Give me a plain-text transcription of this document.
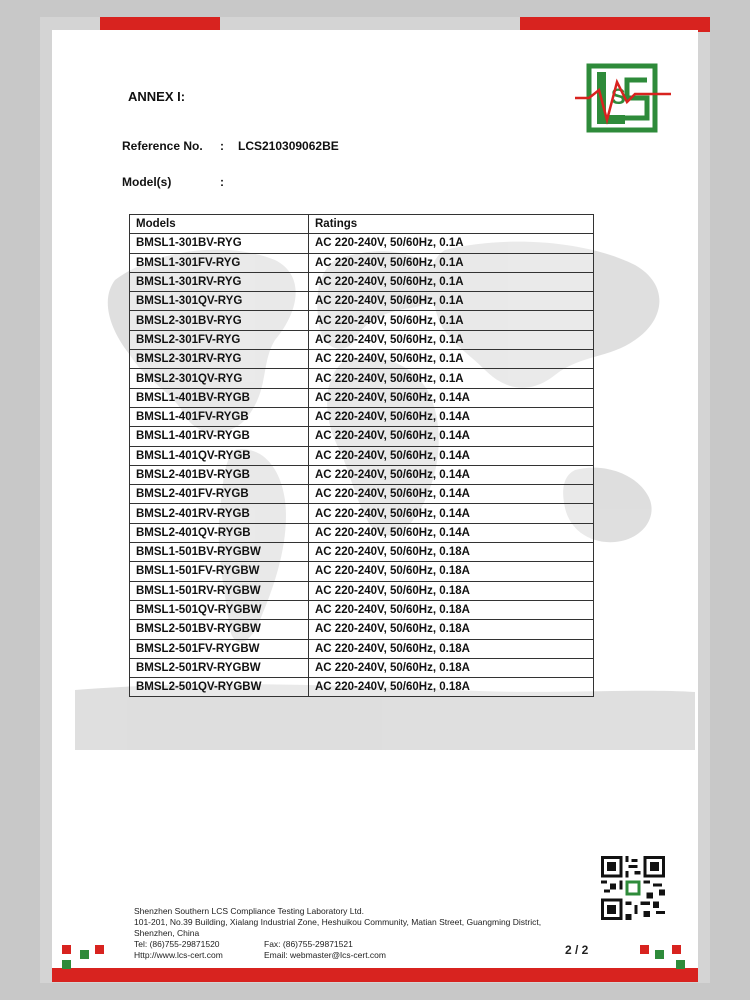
ANNEX I:
Reference No. : LCS210309062BE
Model(s)	:
S
Models	Ratings
BMSL1-301BV-RYG	AC 220-240V, 50/60Hz, 0.1A
BMSL1-301FV-RYG	AC 220-240V, 50/60Hz, 0.1A
BMSL1-301RV-RYG	AC 220-240V, 50/60Hz, 0.1A
BMSL1-301QV-RYG	AC 220-240V, 50/60Hz, 0.1A
BMSL2-301BV-RYG	AC 220-240V, 50/60Hz, 0.1A
BMSL2-301FV-RYG	AC 220-240V, 50/60Hz, 0.1A
BMSL2-301RV-RYG	AC 220-240V, 50/60Hz, 0.1A
BMSL2-301QV-RYG	AC 220-240V, 50/60Hz, 0.1A
BMSL1-401BV-RYGB	AC 220-240V, 50/60Hz, 0.14A
BMSL1-401FV-RYGB	AC 220-240V, 50/60Hz, 0.14A
BMSL1-401RV-RYGB	AC 220-240V, 50/60Hz, 0.14A
BMSL1-401QV-RYGB	AC 220-240V, 50/60Hz, 0.14A
BMSL2-401BV-RYGB	AC 220-240V, 50/60Hz, 0.14A
BMSL2-401FV-RYGB	AC 220-240V, 50/60Hz, 0.14A
BMSL2-401RV-RYGB	AC 220-240V, 50/60Hz, 0.14A
BMSL2-401QV-RYGB	AC 220-240V, 50/60Hz, 0.14A
BMSL1-501BV-RYGBW	AC 220-240V, 50/60Hz, 0.18A
BMSL1-501FV-RYGBW	AC 220-240V, 50/60Hz, 0.18A
BMSL1-501RV-RYGBW	AC 220-240V, 50/60Hz, 0.18A
BMSL1-501QV-RYGBW	AC 220-240V, 50/60Hz, 0.18A
BMSL2-501BV-RYGBW	AC 220-240V, 50/60Hz, 0.18A
BMSL2-501FV-RYGBW	AC 220-240V, 50/60Hz, 0.18A
BMSL2-501RV-RYGBW	AC 220-240V, 50/60Hz, 0.18A
BMSL2-501QV-RYGBW	AC 220-240V, 50/60Hz, 0.18A
Shenzhen Southern LCS Compliance Testing Laboratory Ltd.
101-201, No.39 Building, Xialang Industrial Zone, Heshuikou Community, Matian Street, Guangming District,
Shenzhen, China
Tel: (86)755-29871520	Fax: (86)755-29871521
Http://www.lcs-cert.com	Email: webmaster@lcs-cert.com	2 / 2
